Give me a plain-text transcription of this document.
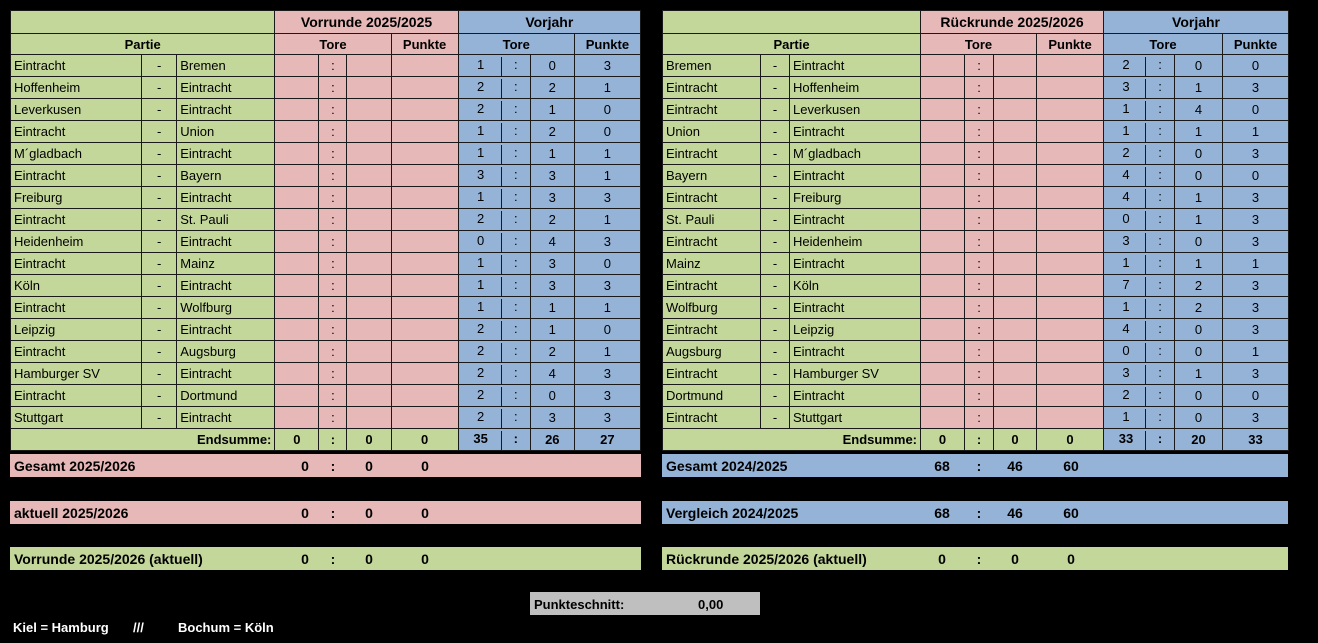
			Vorrunde 2025/2025				Vorjahr		
Partie			Tore			Punkte	Tore		Punkte
Eintracht	-	Bremen		:			1 :	0	3
Hoffenheim	-	Eintracht		:			2 :	2	1
Leverkusen	-	Eintracht		:			2 :	1	0
Eintracht	-	Union		:			1 :	2	0
M´gladbach	-	Eintracht		:			1 :	1	1
Eintracht	-	Bayern		:			3 :	3	1
Freiburg	-	Eintracht		:			1 :	3	3
Eintracht	-	St. Pauli		:			2 :	2	1
Heidenheim	-	Eintracht		:			0 :	4	3
Eintracht	-	Mainz		:			1 :	3	0
Köln	-	Eintracht		:			1 :	3	3
Eintracht	-	Wolfburg		:			1 :	1	1
Leipzig	-	Eintracht		:			2 :	1	0
Eintracht	-	Augsburg		:			2 :	2	1
Hamburger SV	-	Eintracht		:			2 :	4	3
Eintracht	-	Dortmund		:			2 :	0	3
Stuttgart	-	Eintracht		:			2 :	3	3
Endsumme:			0	:	0	0	35 :	26	27
			Rückrunde 2025/2026				Vorjahr		
Partie			Tore			Punkte	Tore		Punkte
Bremen	-	Eintracht		:			2 :	0	0
Eintracht	-	Hoffenheim		:			3 :	1	3
Eintracht	-	Leverkusen		:			1 :	4	0
Union	-	Eintracht		:			1 :	1	1
Eintracht	-	M´gladbach		:			2 :	0	3
Bayern	-	Eintracht		:			4 :	0	0
Eintracht	-	Freiburg		:			4 :	1	3
St. Pauli	-	Eintracht		:			0 :	1	3
Eintracht	-	Heidenheim		:			3 :	0	3
Mainz	-	Eintracht		:			1 :	1	1
Eintracht	-	Köln		:			7 :	2	3
Wolfburg	-	Eintracht		:			1 :	2	3
Eintracht	-	Leipzig		:			4 :	0	3
Augsburg	-	Eintracht		:			0 :	0	1
Eintracht	-	Hamburger SV		:			3 :	1	3
Dortmund	-	Eintracht		:			2 :	0	0
Eintracht	-	Stuttgart		:			1 :	0	3
Endsumme:			0	:	0	0	33 :	20	33
Gesamt 2025/2026	0	:	0	0	Gesamt 2024/2025	68	:	46	60
aktuell 2025/2026	0	:	0	0	Vergleich 2024/2025	68	:	46	60
Vorrunde 2025/2026 (aktuell)	0	:	0	0	Rückrunde 2025/2026 (aktuell)	0	:	0	0
Punkteschnitt:	0,00
Kiel = Hamburg ///	Bochum = Köln
